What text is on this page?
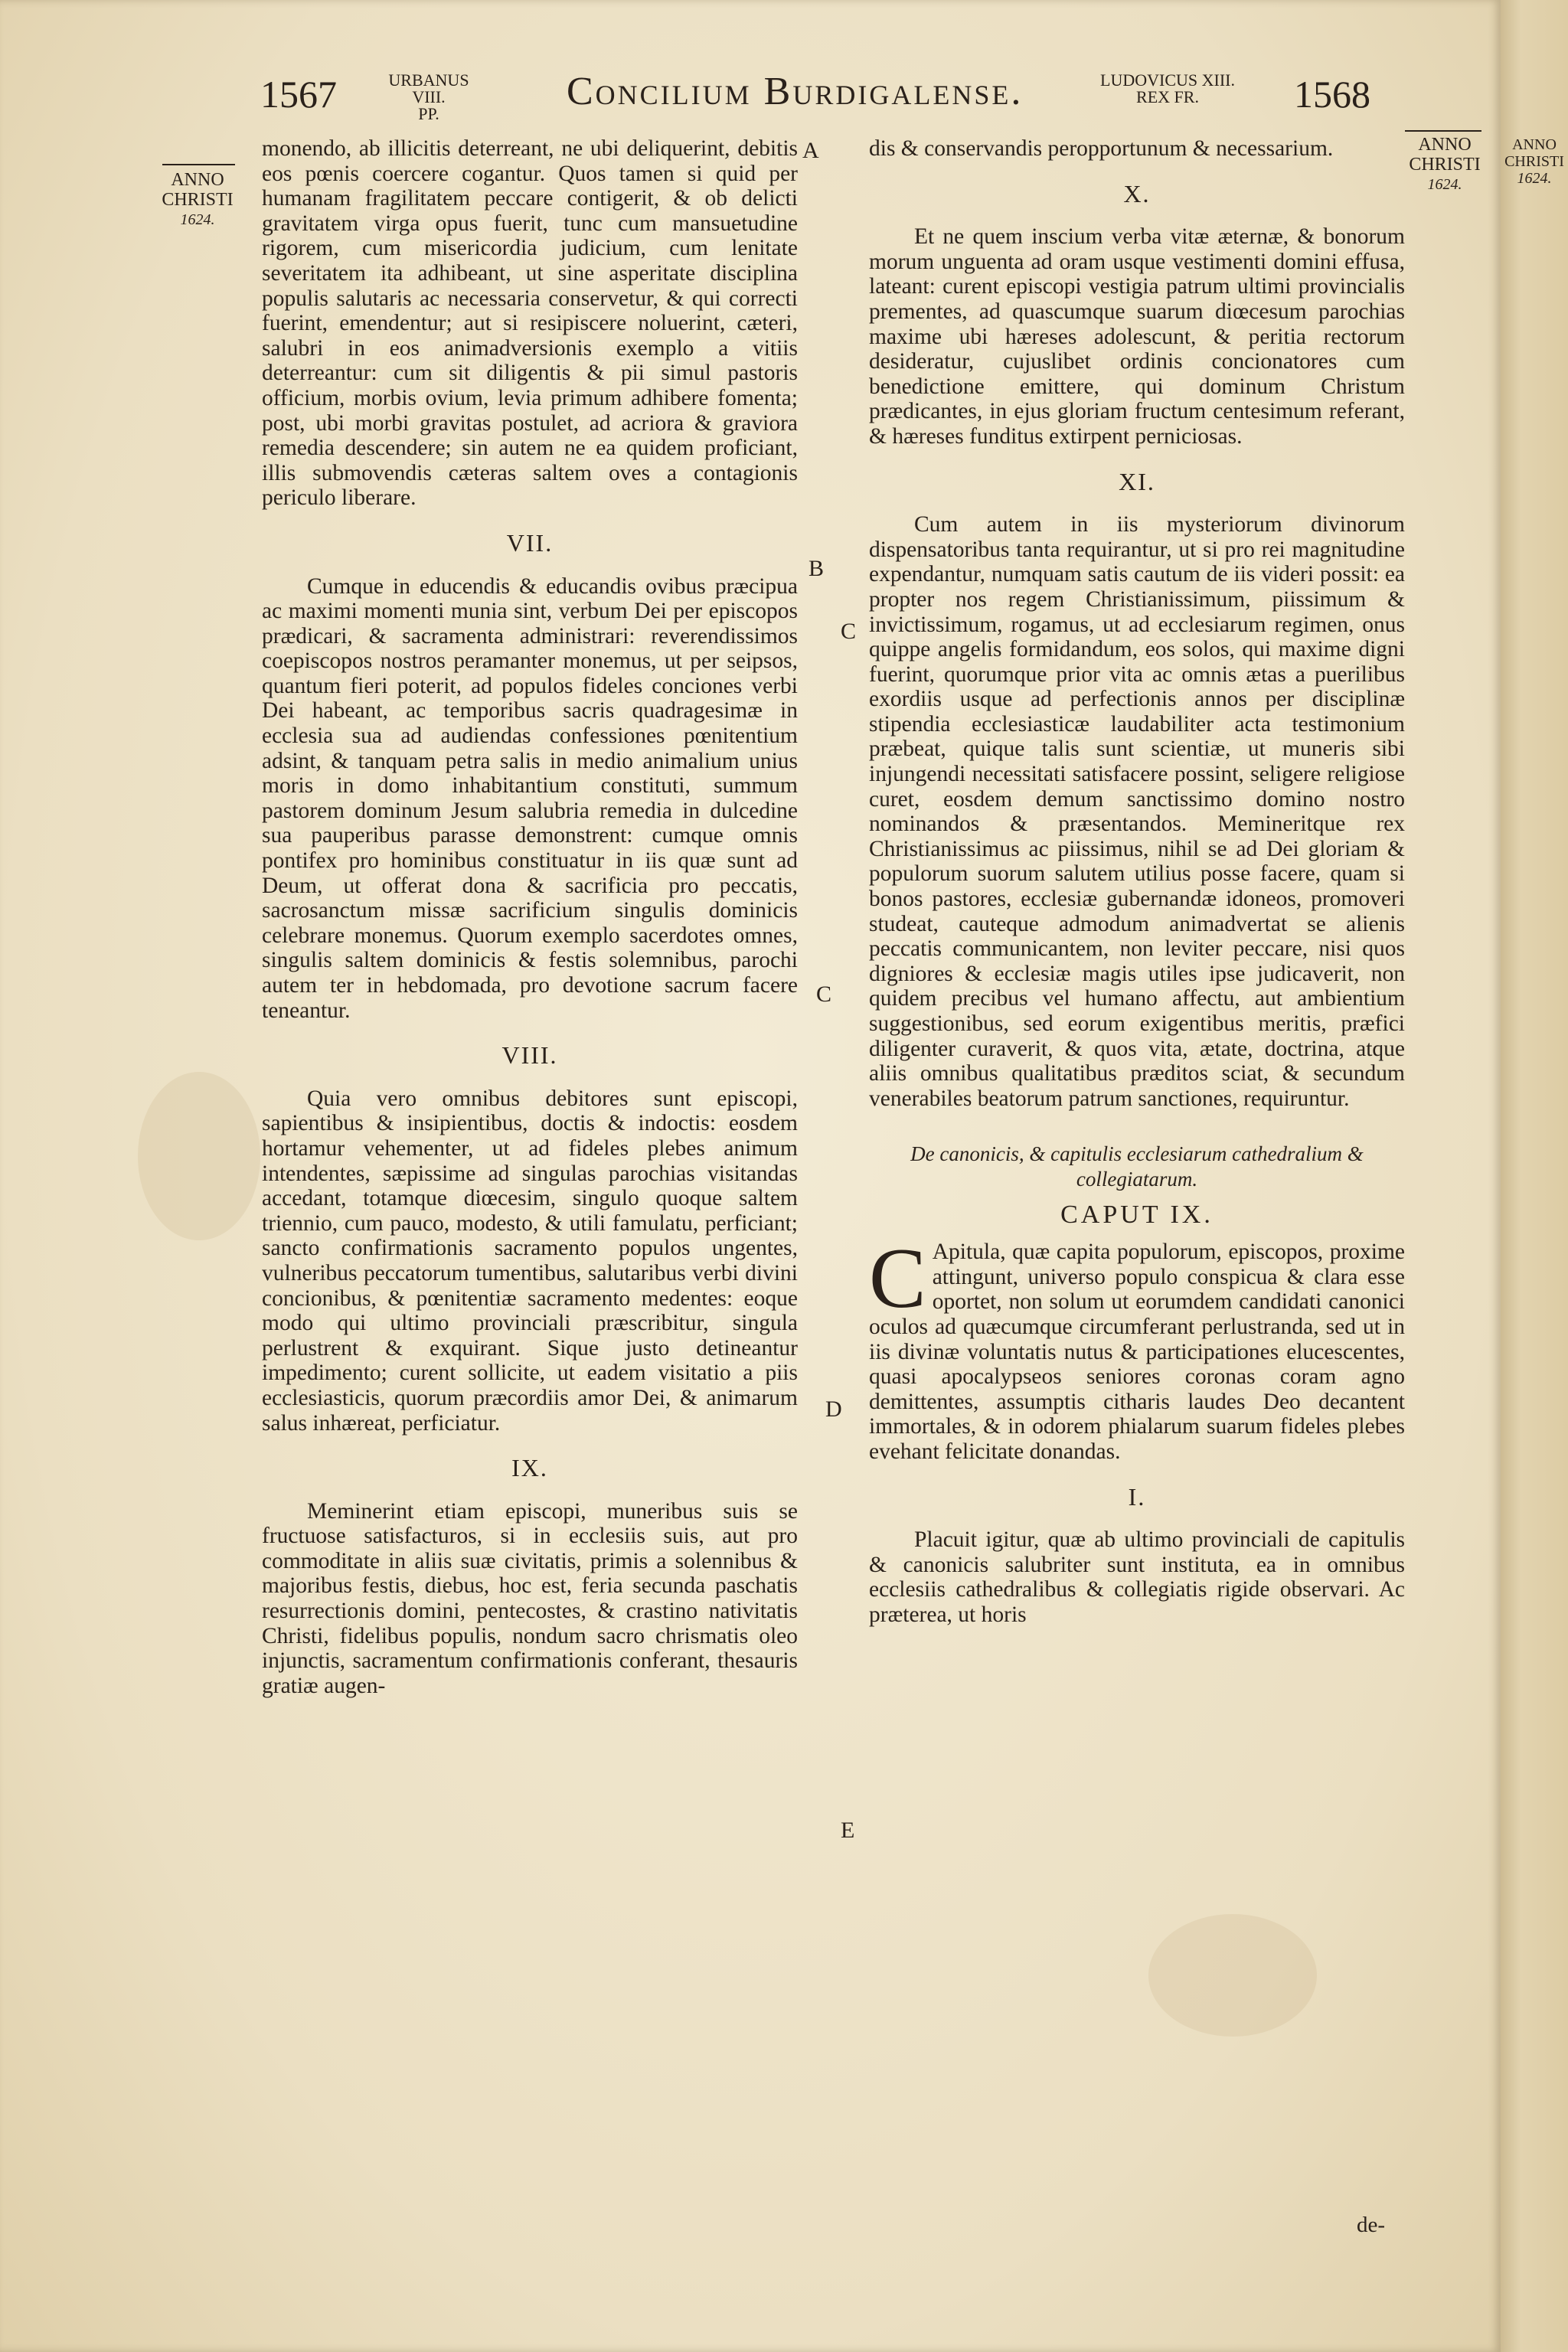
1567	URBANUS VIII.
PP.
Concilium Burdigalense.	LUDOVICUS XIII.
REX FR.	1568
ANNO
CHRISTI
1624.
ANNO
CHRISTI
1624.
ANNO
CHRISTI
1624.
A
B
C
C
D
E

monendo, ab illicitis deterreant, ne ubi deliquerint, debitis eos pœnis coercere cogantur. Quos tamen si quid per humanam fragilitatem peccare contigerit, & ob delicti gravitatem virga opus fuerit, tunc cum mansuetudine rigorem, cum misericordia judicium, cum lenitate severitatem ita adhibeant, ut sine asperitate disciplina populis salutaris ac necessaria conservetur, & qui correcti fuerint, emendentur; aut si resipiscere noluerint, cæteri, salubri in eos animadversionis exemplo a vitiis deterreantur: cum sit diligentis & pii simul pastoris officium, morbis ovium, levia primum adhibere fomenta; post, ubi morbi gravitas postulet, ad acriora & graviora remedia descendere; sin autem ne ea quidem proficiant, illis submovendis cæteras saltem oves a contagionis periculo liberare.

VII.

Cumque in educendis & educandis ovibus præcipua ac maximi momenti munia sint, verbum Dei per episcopos prædicari, & sacramenta administrari: reverendissimos coepiscopos nostros peramanter monemus, ut per seipsos, quantum fieri poterit, ad populos fideles conciones verbi Dei habeant, ac temporibus sacris quadragesimæ in ecclesia sua ad audiendas confessiones pœnitentium adsint, & tanquam petra salis in medio animalium unius moris in domo inhabitantium constituti, summum pastorem dominum Jesum salubria remedia in dulcedine sua pauperibus parasse demonstrent: cumque omnis pontifex pro hominibus constituatur in iis quæ sunt ad Deum, ut offerat dona & sacrificia pro peccatis, sacrosanctum missæ sacrificium singulis dominicis celebrare monemus. Quorum exemplo sacerdotes omnes, singulis saltem dominicis & festis solemnibus, parochi autem ter in hebdomada, pro devotione sacrum facere teneantur.

VIII.

Quia vero omnibus debitores sunt episcopi, sapientibus & insipientibus, doctis & indoctis: eosdem hortamur vehementer, ut ad fideles plebes animum intendentes, sæpissime ad singulas parochias visitandas accedant, totamque diœcesim, singulo quoque saltem triennio, cum pauco, modesto, & utili famulatu, perficiant; sancto confirmationis sacramento populos ungentes, vulneribus peccatorum tumentibus, salutaribus verbi divini concionibus, & pœnitentiæ sacramento medentes: eoque modo qui ultimo provinciali præscribitur, singula perlustrent & exquirant. Sique justo detineantur impedimento; curent sollicite, ut eadem visitatio a piis ecclesiasticis, quorum præcordiis amor Dei, & animarum salus inhæreat, perficiatur.

IX.

Meminerint etiam episcopi, muneribus suis se fructuose satisfacturos, si in ecclesiis suis, aut pro commoditate in aliis suæ civitatis, primis a solennibus & majoribus festis, diebus, hoc est, feria secunda paschatis resurrectionis domini, pentecostes, & crastino nativitatis Christi, fidelibus populis, nondum sacro chrismatis oleo injunctis, sacramentum confirmationis conferant, thesauris gratiæ augen-

dis & conservandis peropportunum & necessarium.

X.

Et ne quem inscium verba vitæ æternæ, & bonorum morum unguenta ad oram usque vestimenti domini effusa, lateant: curent episcopi vestigia patrum ultimi provincialis prementes, ad quascumque suarum diœcesum parochias maxime ubi hæreses adolescunt, & peritia rectorum desideratur, cujuslibet ordinis concionatores cum benedictione emittere, qui dominum Christum prædicantes, in ejus gloriam fructum centesimum referant, & hæreses funditus extirpent perniciosas.

XI.

Cum autem in iis mysteriorum divinorum dispensatoribus tanta requirantur, ut si pro rei magnitudine expendantur, numquam satis cautum de iis videri possit: ea propter nos regem Christianissimum, piissimum & invictissimum, rogamus, ut ad ecclesiarum regimen, onus quippe angelis formidandum, eos solos, qui maxime digni fuerint, quorumque prior vita ac omnis ætas a puerilibus exordiis usque ad perfectionis annos per disciplinæ stipendia ecclesiasticæ laudabiliter acta testimonium præbeat, quique talis sunt scientiæ, ut muneris sibi injungendi necessitati satisfacere possint, seligere religiose curet, eosdem demum sanctissimo domino nostro nominandos & præsentandos. Memineritque rex Christianissimus ac piissimus, nihil se ad Dei gloriam & populorum suorum salutem utilius posse facere, quam si bonos pastores, ecclesiæ gubernandæ idoneos, promoveri studeat, cauteque admodum animadvertat se alienis peccatis communicantem, non leviter peccare, nisi quos digniores & ecclesiæ magis utiles ipse judicaverit, non quidem precibus vel humano affectu, aut ambientium suggestionibus, sed eorum exigentibus meritis, præfici diligenter curaverit, & quos vita, ætate, doctrina, atque aliis omnibus qualitatibus præditos sciat, & secundum venerabiles beatorum patrum sanctiones, requiruntur.

De canonicis, & capitulis ecclesiarum cathedralium & collegiatarum.
CAPUT IX.

C Apitula, quæ capita populorum, episcopos, proxime attingunt, universo populo conspicua & clara esse oportet, non solum ut eorumdem candidati canonici oculos ad quæcumque circumferant perlustranda, sed ut in iis divinæ voluntatis nutus & participationes elucescentes, quasi apocalypseos seniores coronas coram agno demittentes, assumptis citharis laudes Deo decantent immortales, & in odorem phialarum suarum fideles plebes evehant felicitate donandas.

I.

Placuit igitur, quæ ab ultimo provinciali de capitulis & canonicis salubriter sunt instituta, ea in omnibus ecclesiis cathedralibus & collegiatis rigide observari. Ac præterea, ut horis

de-
